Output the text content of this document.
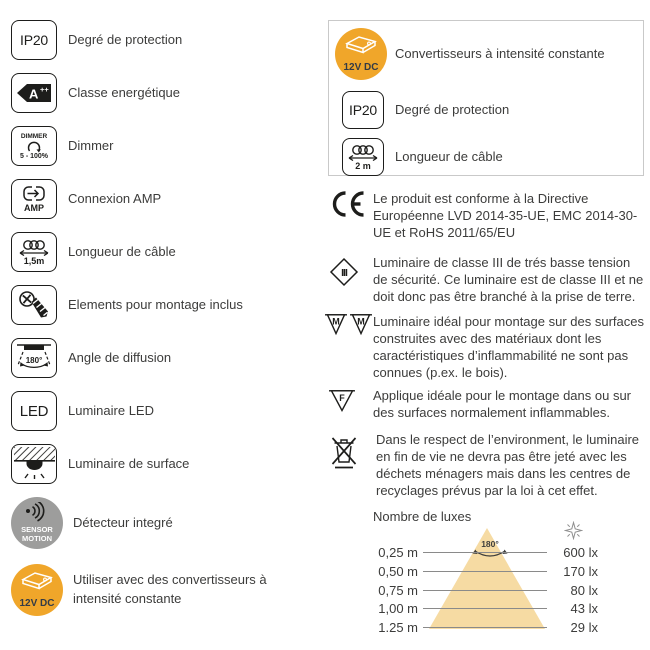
IP20 Degré de protection
A ++ Classe energétique
DIMMER
5 - 100%
Dimmer
AMP
Connexion AMP
1,5m
Longueur de câble
Elements pour montage inclus
180° Angle de diffusion
LED Luminaire LED
Luminaire de surface
SENSOR
MOTION
Détecteur integré
12V DC
Utiliser avec des convertisseurs à intensité constante
12V DC
Convertisseurs à intensité constante
IP20 Degré de protection
2 m
Longueur de câble

Le produit est conforme à la Directive Européenne LVD 2014-35-UE, EMC 2014-30-UE et RoHS 2011/65/EU

III

Luminaire de classe III de trés basse tension de sécurité. Ce luminaire est de classe III et ne doit donc pas être branché à la prise de terre.

M M Luminaire idéal pour montage sur des surfaces construites avec des matériaux dont les caractéristiques d’inflammabilité ne sont pas connues (p.ex. le bois).

F Applique idéale pour le montage dans ou sur des surfaces normalement inflammables.

Dans le respect de l’environment, le luminaire en fin de vie ne devra pas être jeté avec les déchets ménagers mais dans les centres de recyclages prévus par la loi à cet effet.

Nombre de luxes
180°
0,25 m	600 lx
0,50 m	170 lx
0,75 m	80 lx
1,00 m	43 lx
1.25 m	29 lx
